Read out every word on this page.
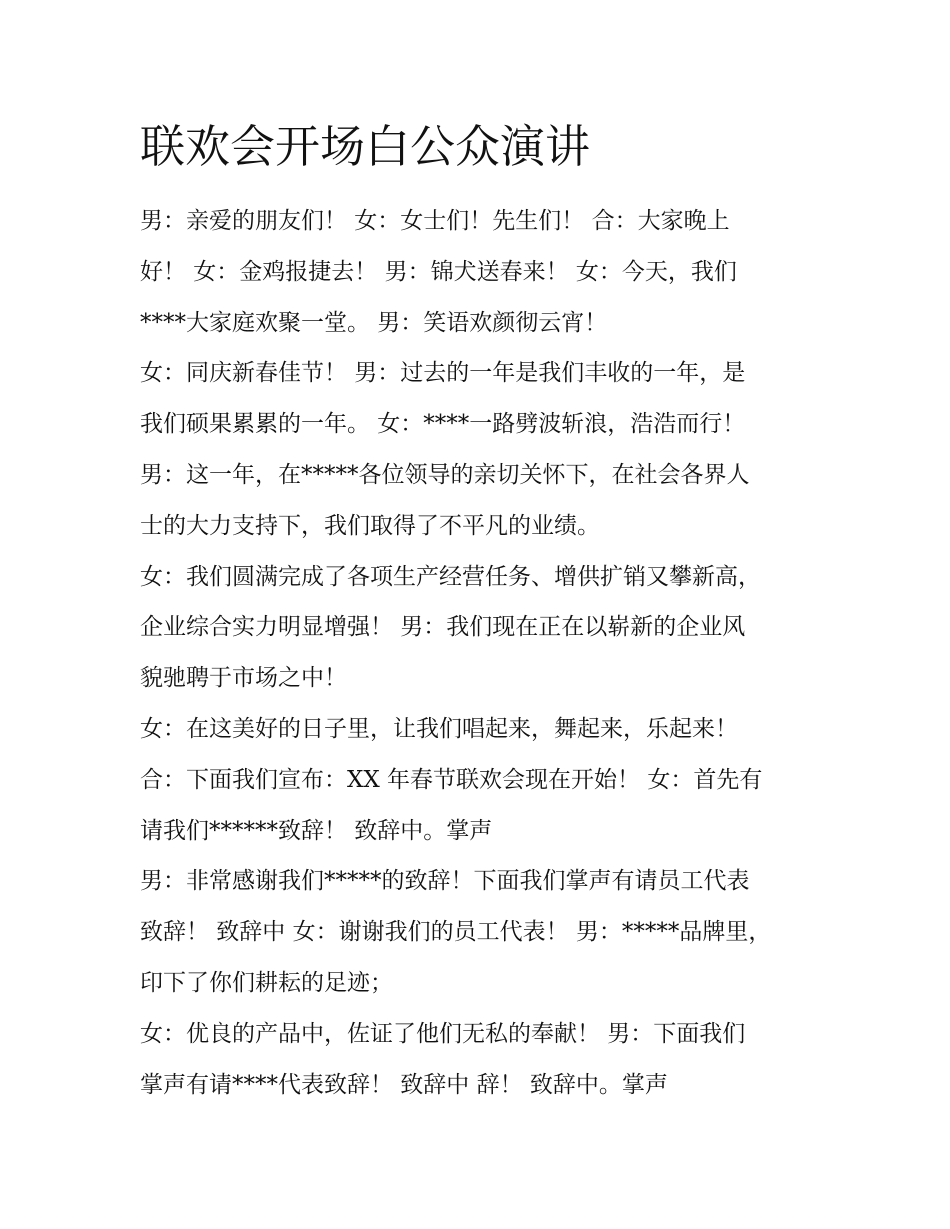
联欢会开场白公众演讲
男：亲爱的朋友们！ 女：女士们！先生们！ 合：大家晚上
好！ 女：金鸡报捷去！ 男：锦犬送春来！ 女：今天，我们
****大家庭欢聚一堂。 男：笑语欢颜彻云宵！
女：同庆新春佳节！ 男：过去的一年是我们丰收的一年，是
我们硕果累累的一年。 女：****一路劈波斩浪，浩浩而行！
男：这一年，在*****各位领导的亲切关怀下，在社会各界人
士的大力支持下，我们取得了不平凡的业绩。
女：我们圆满完成了各项生产经营任务、增供扩销又攀新高，
企业综合实力明显增强！ 男：我们现在正在以崭新的企业风
貌驰聘于市场之中！
女：在这美好的日子里，让我们唱起来，舞起来，乐起来！
合：下面我们宣布：XX 年春节联欢会现在开始！ 女：首先有
请我们******致辞！ 致辞中。掌声
男：非常感谢我们*****的致辞！下面我们掌声有请员工代表
致辞！ 致辞中 女：谢谢我们的员工代表！ 男：*****品牌里，
印下了你们耕耘的足迹；
女：优良的产品中，佐证了他们无私的奉献！ 男：下面我们
掌声有请****代表致辞！ 致辞中 辞！ 致辞中。掌声
